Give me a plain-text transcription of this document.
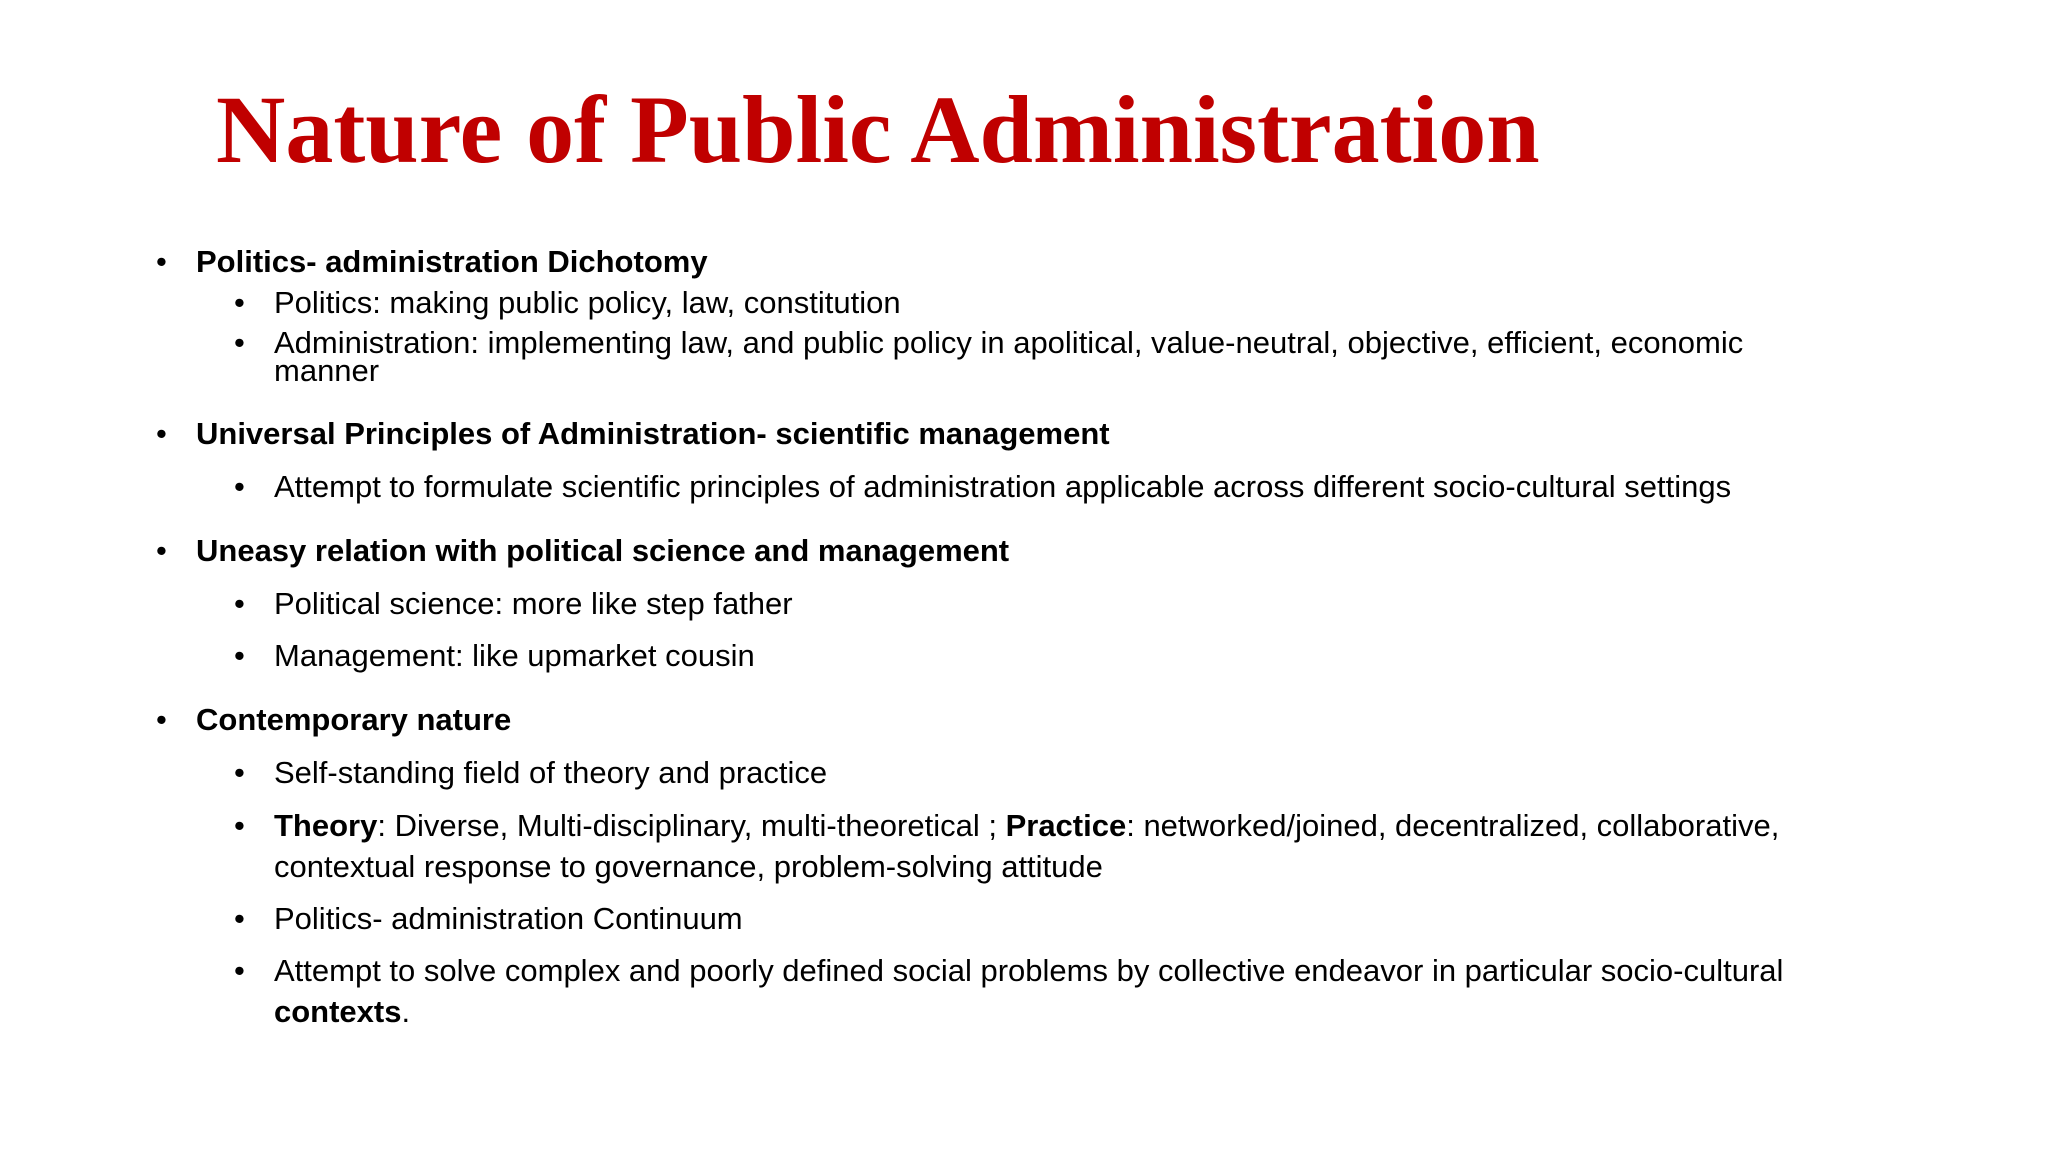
Nature of Public Administration
• Politics- administration Dichotomy
• Politics: making public policy, law, constitution
• Administration: implementing law, and public policy in apolitical, value-neutral, objective, efficient, economic
manner
• Universal Principles of Administration- scientific management
• Attempt to formulate scientific principles of administration applicable across different socio-cultural settings
• Uneasy relation with political science and management
• Political science: more like step father
• Management: like upmarket cousin
• Contemporary nature
• Self-standing field of theory and practice
• Theory: Diverse, Multi-disciplinary, multi-theoretical ; Practice: networked/joined, decentralized, collaborative,
contextual response to governance, problem-solving attitude
• Politics- administration Continuum
• Attempt to solve complex and poorly defined social problems by collective endeavor in particular socio-cultural
contexts.
